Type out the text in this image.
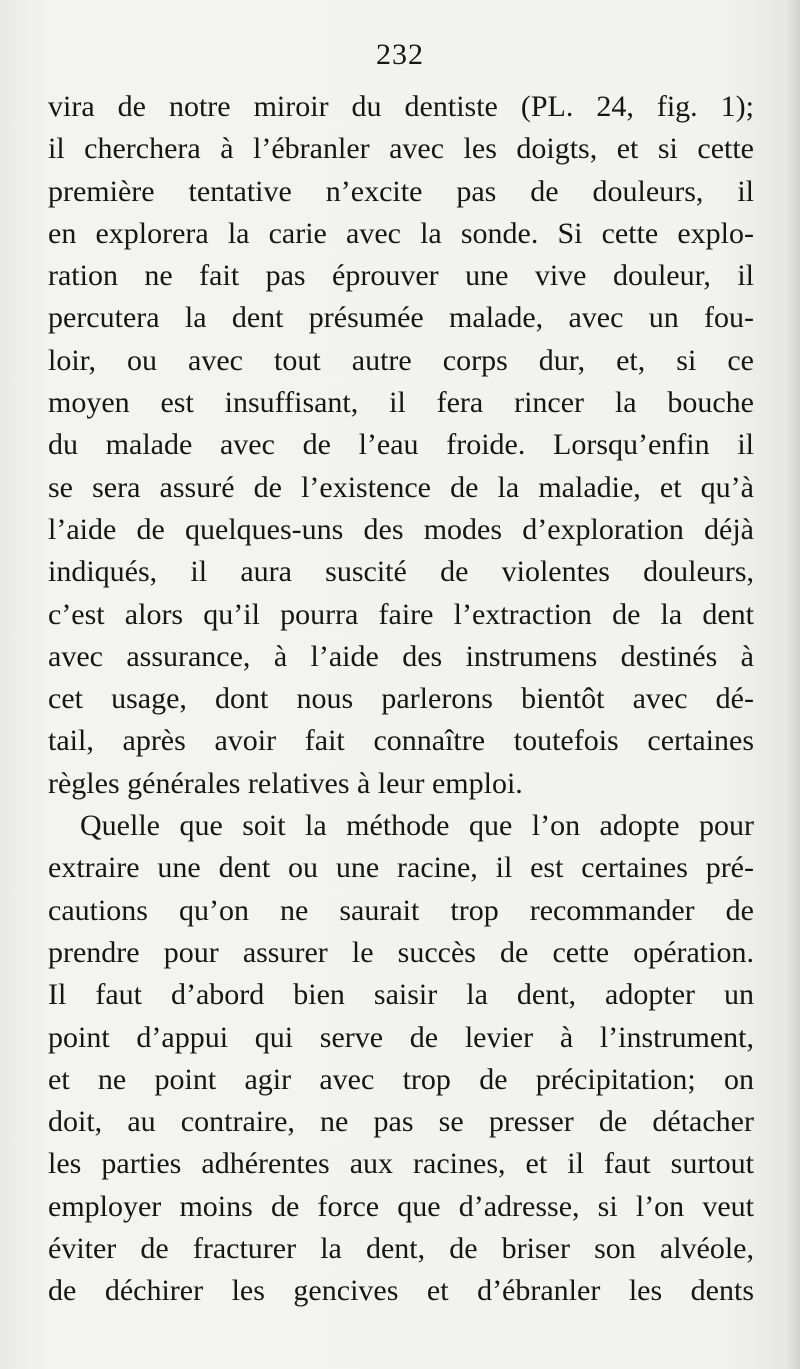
232
vira de notre miroir du dentiste (PL. 24, fig. 1);
il cherchera à l’ébranler avec les doigts, et si cette
première tentative n’excite pas de douleurs, il
en explorera la carie avec la sonde. Si cette explo-
ration ne fait pas éprouver une vive douleur, il
percutera la dent présumée malade, avec un fou-
loir, ou avec tout autre corps dur, et, si ce
moyen est insuffisant, il fera rincer la bouche
du malade avec de l’eau froide. Lorsqu’enfin il
se sera assuré de l’existence de la maladie, et qu’à
l’aide de quelques-uns des modes d’exploration déjà
indiqués, il aura suscité de violentes douleurs,
c’est alors qu’il pourra faire l’extraction de la dent
avec assurance, à l’aide des instrumens destinés à
cet usage, dont nous parlerons bientôt avec dé-
tail, après avoir fait connaître toutefois certaines
règles générales relatives à leur emploi.
Quelle que soit la méthode que l’on adopte pour
extraire une dent ou une racine, il est certaines pré-
cautions qu’on ne saurait trop recommander de
prendre pour assurer le succès de cette opération.
Il faut d’abord bien saisir la dent, adopter un
point d’appui qui serve de levier à l’instrument,
et ne point agir avec trop de précipitation; on
doit, au contraire, ne pas se presser de détacher
les parties adhérentes aux racines, et il faut surtout
employer moins de force que d’adresse, si l’on veut
éviter de fracturer la dent, de briser son alvéole,
de déchirer les gencives et d’ébranler les dents
